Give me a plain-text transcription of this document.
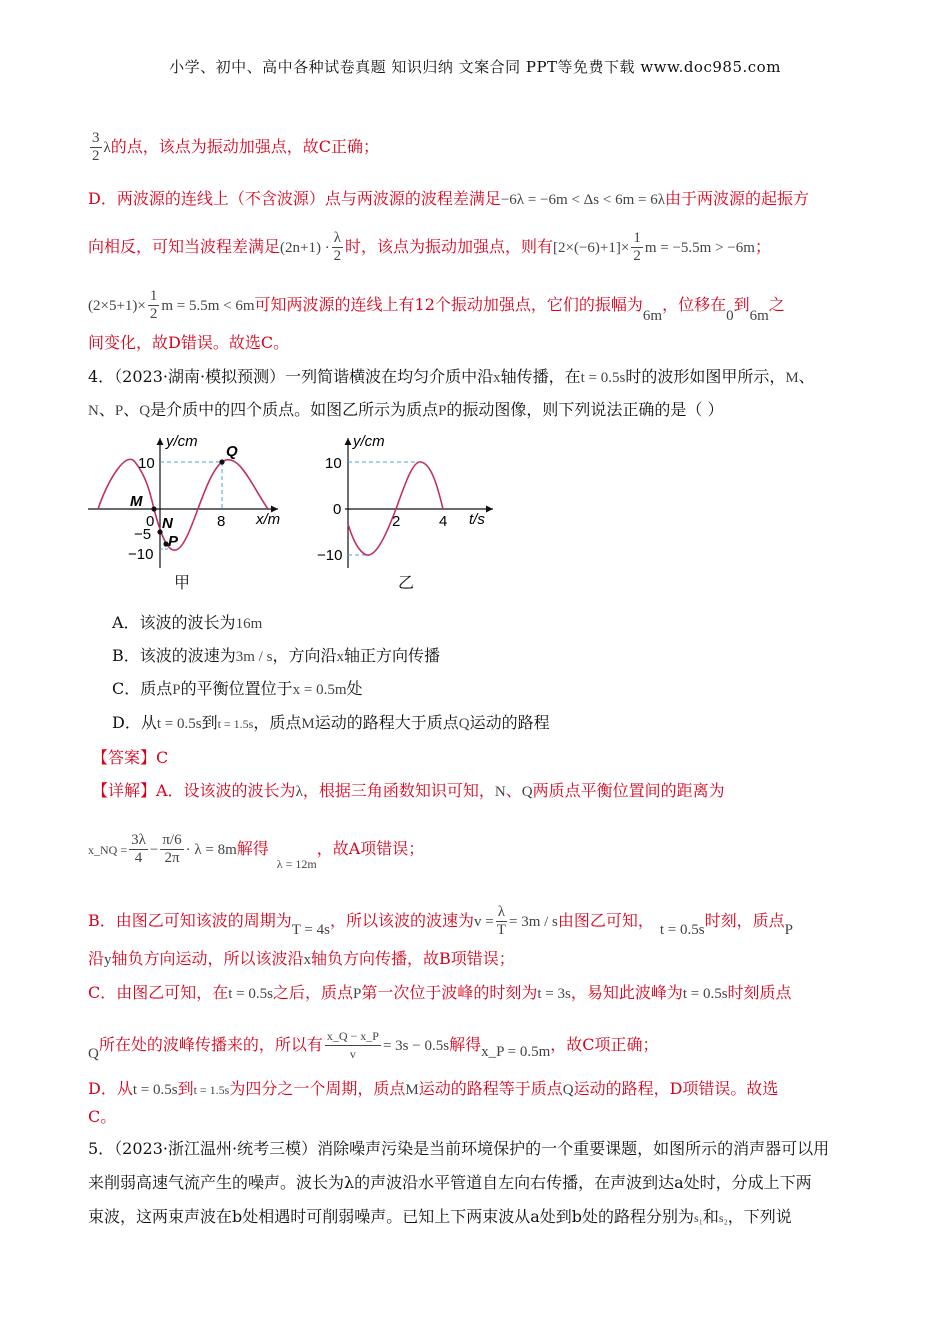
小学、初中、高中各种试卷真题 知识归纳 文案合同 PPT等免费下载 www.doc985.com
$\frac{3}{2}$ λ的点，该点为振动加强点，故C正确；
D．两波源的连线上（不含波源）点与两波源的波程差满足−6λ = −6m < Δs < 6m = 6λ由于两波源的起振方
向相反，可知当波程差满足$(2n+1) \cdot \frac{\lambda}{2}$ 时，该点为振动加强点，则有$[2\times(-6)+1]\times \frac{1}{2}$ m = −5.5m > −6m；
$(2\times 5+1)\times \frac{1}{2}$ m = 5.5m < 6m可知两波源的连线上有12个振动加强点，它们的振幅为6m，位移在0到6m之
间变化，故D错误。故选C。
4．（2023·湖南·模拟预测）一列简谐横波在均匀介质中沿x轴传播，在t = 0.5s时的波形如图甲所示，M、
N、P、Q是介质中的四个质点。如图乙所示为质点P的振动图像，则下列说法正确的是（ ）
y/cm
x/m
10
0	8
−5
−10
Q
M
N
P
甲
y/cm
t/s
10
0
−10
2	4
乙
A．该波的波长为16m
B．该波的波速为3m / s，方向沿x轴正方向传播
C．质点P的平衡位置位于x = 0.5m处
D．从t = 0.5s到t = 1.5s，质点M运动的路程大于质点Q运动的路程
【答案】C
【详解】A．设该波的波长为λ，根据三角函数知识可知，N、Q两质点平衡位置间的距离为
x_NQ = $\frac{3\lambda}{4} - \frac{\pi/6}{2\pi} \cdot \lambda = 8m$解得$_{\lambda = 12m}$，故A项错误；
B．由图乙可知该波的周期为T = 4s，所以该波的波速为$v = \frac{\lambda}{T} = 3m / s$由图乙可知， t = 0.5s时刻，质点P
沿y轴负方向运动，所以该波沿x轴负方向传播，故B项错误；
C．由图乙可知，在t = 0.5s之后，质点P第一次位于波峰的时刻为t = 3s，易知此波峰为t = 0.5s时刻质点
Q所在处的波峰传播来的，所以有 $\frac{x\_Q - x\_P}{v} = 3s - 0.5s$解得x_P = 0.5m，故C项正确；
D．从t = 0.5s到t = 1.5s为四分之一个周期，质点M运动的路程等于质点Q运动的路程，D项错误。故选
C。
5．（2023·浙江温州·统考三模）消除噪声污染是当前环境保护的一个重要课题，如图所示的消声器可以用
来削弱高速气流产生的噪声。波长为λ的声波沿水平管道自左向右传播，在声波到达a处时，分成上下两
束波，这两束声波在b处相遇时可削弱噪声。已知上下两束波从a处到b处的路程分别为s₁和s₂，下列说
